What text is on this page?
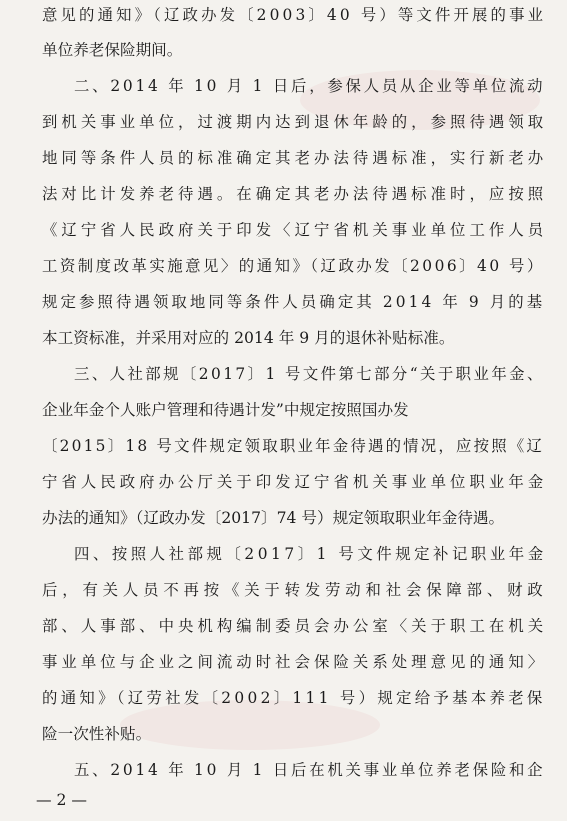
意见的通知》（辽政办发〔2003〕40 号）等文件开展的事业
单位养老保险期间。
二、2014 年 10 月 1 日后，参保人员从企业等单位流动
到机关事业单位，过渡期内达到退休年龄的，参照待遇领取
地同等条件人员的标准确定其老办法待遇标准，实行新老办
法对比计发养老待遇。在确定其老办法待遇标准时，应按照
《辽宁省人民政府关于印发〈辽宁省机关事业单位工作人员
工资制度改革实施意见〉的通知》（辽政办发〔2006〕40 号）
规定参照待遇领取地同等条件人员确定其 2014 年 9 月的基
本工资标准，并采用对应的 2014 年 9 月的退休补贴标准。
三、人社部规〔2017〕1 号文件第七部分“关于职业年金、
企业年金个人账户管理和待遇计发”中规定按照国办发
〔2015〕18 号文件规定领取职业年金待遇的情况，应按照《辽
宁省人民政府办公厅关于印发辽宁省机关事业单位职业年金
办法的通知》（辽政办发〔2017〕74 号）规定领取职业年金待遇。
四、按照人社部规〔2017〕1 号文件规定补记职业年金
后，有关人员不再按《关于转发劳动和社会保障部、财政
部、人事部、中央机构编制委员会办公室〈关于职工在机关
事业单位与企业之间流动时社会保险关系处理意见的通知〉
的通知》（辽劳社发〔2002〕111 号）规定给予基本养老保
险一次性补贴。
五、2014 年 10 月 1 日后在机关事业单位养老保险和企
— 2 —
